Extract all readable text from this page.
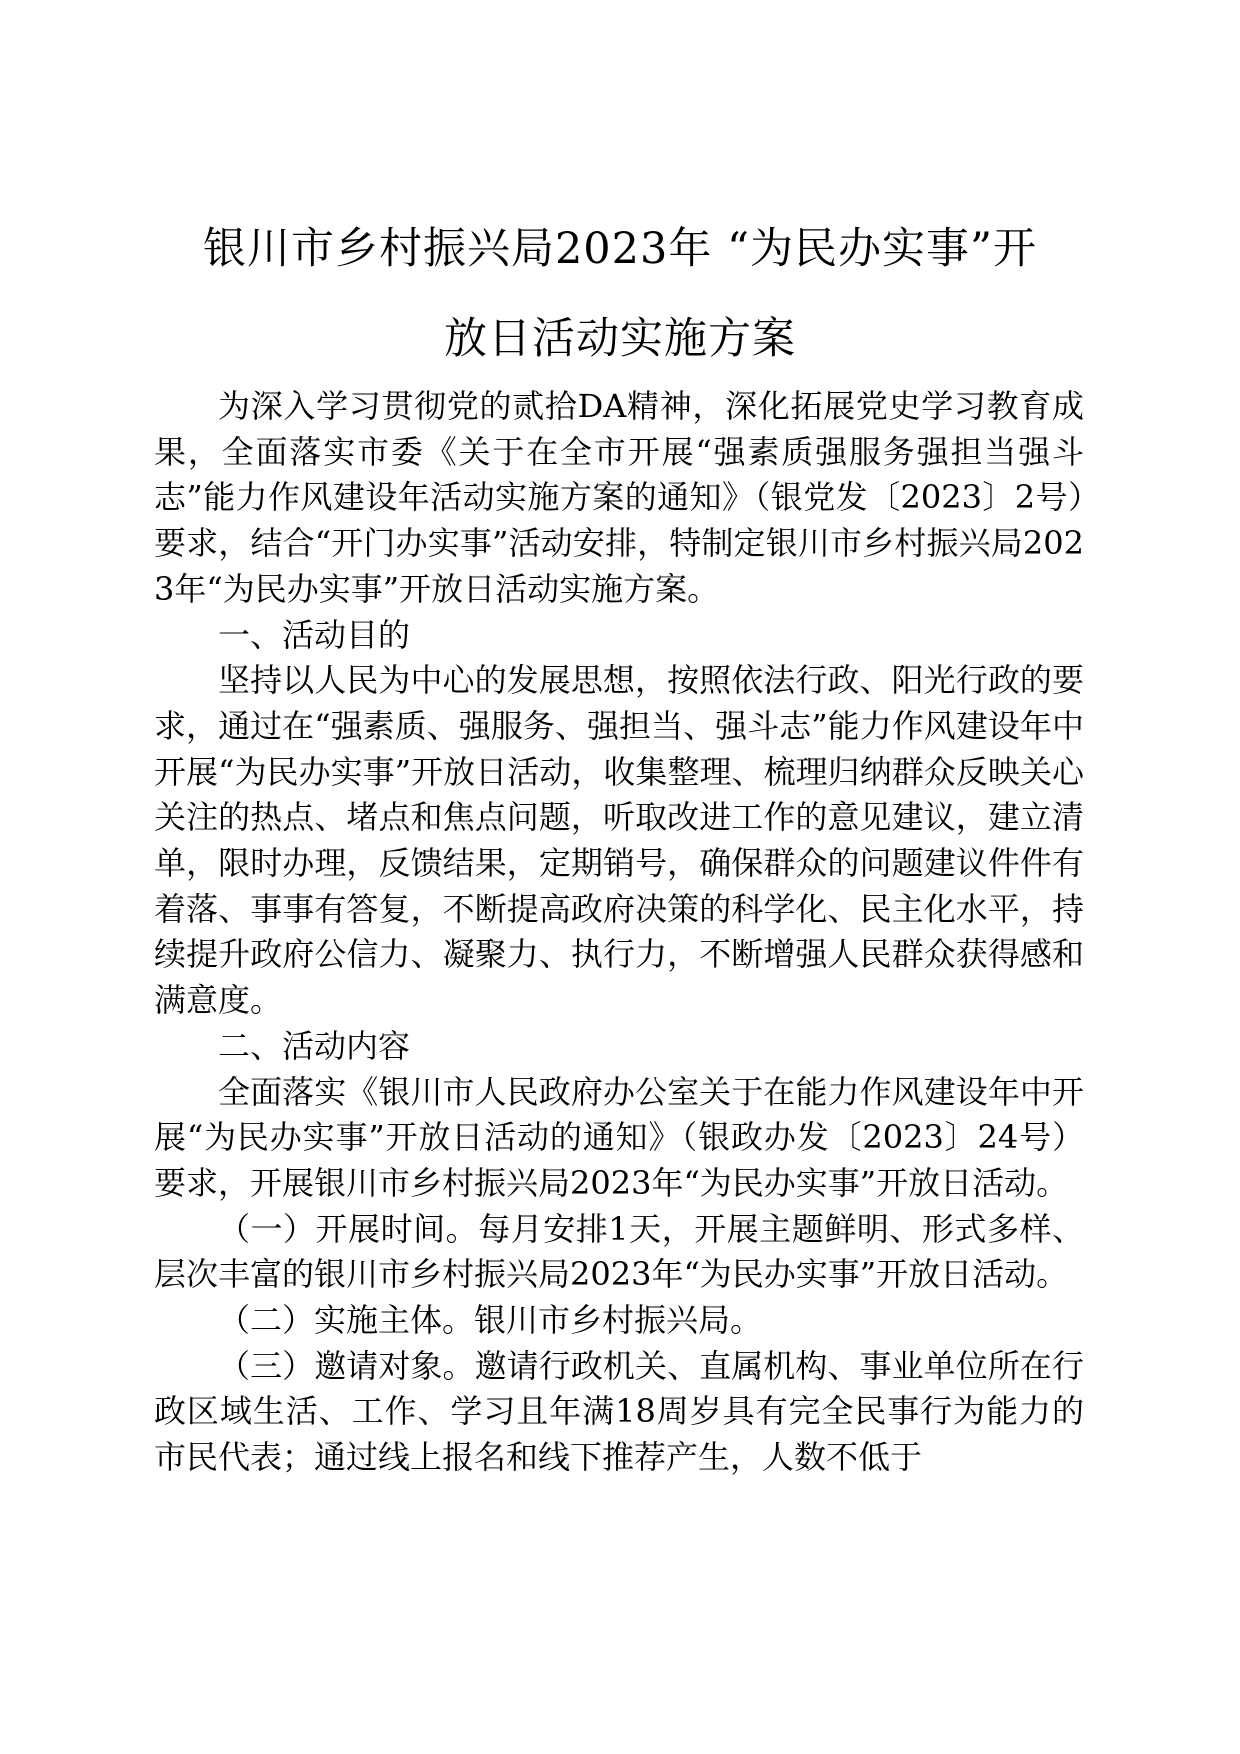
银川市乡村振兴局2023年 “为民办实事”开
放日活动实施方案

为深入学习贯彻党的贰拾DA精神，深化拓展党史学习教育成果，全面落实市委《关于在全市开展“强素质强服务强担当强斗志”能力作风建设年活动实施方案的通知》（银党发〔2023〕2号）要求，结合“开门办实事”活动安排，特制定银川市乡村振兴局2023年“为民办实事”开放日活动实施方案。

一、活动目的

坚持以人民为中心的发展思想，按照依法行政、阳光行政的要求，通过在“强素质、强服务、强担当、强斗志”能力作风建设年中开展“为民办实事”开放日活动，收集整理、梳理归纳群众反映关心关注的热点、堵点和焦点问题，听取改进工作的意见建议，建立清单，限时办理，反馈结果，定期销号，确保群众的问题建议件件有着落、事事有答复，不断提高政府决策的科学化、民主化水平，持续提升政府公信力、凝聚力、执行力，不断增强人民群众获得感和满意度。

二、活动内容

全面落实《银川市人民政府办公室关于在能力作风建设年中开展“为民办实事”开放日活动的通知》（银政办发〔2023〕24号）要求，开展银川市乡村振兴局2023年“为民办实事”开放日活动。

（一）开展时间。每月安排1天，开展主题鲜明、形式多样、层次丰富的银川市乡村振兴局2023年“为民办实事”开放日活动。

（二）实施主体。银川市乡村振兴局。

（三）邀请对象。邀请行政机关、直属机构、事业单位所在行政区域生活、工作、学习且年满18周岁具有完全民事行为能力的市民代表；通过线上报名和线下推荐产生，人数不低于
